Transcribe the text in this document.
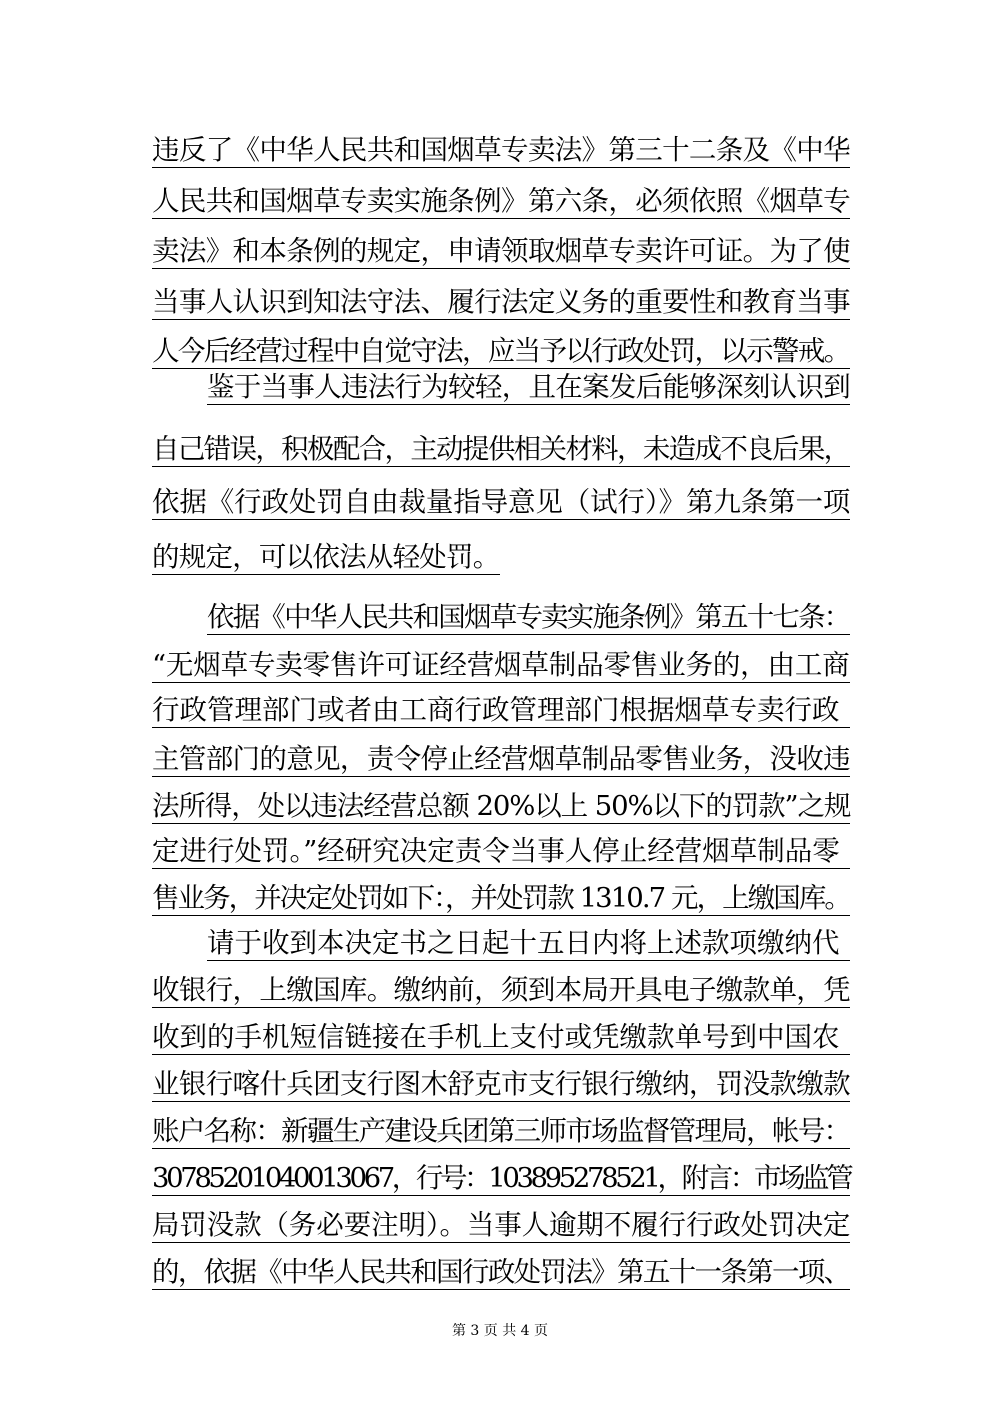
违反了《中华人民共和国烟草专卖法》第三十二条及《中华
人民共和国烟草专卖实施条例》第六条，必须依照《烟草专
卖法》和本条例的规定，申请领取烟草专卖许可证。为了使
当事人认识到知法守法、履行法定义务的重要性和教育当事
人今后经营过程中自觉守法，应当予以行政处罚，以示警戒。
鉴于当事人违法行为较轻，且在案发后能够深刻认识到
自己错误，积极配合，主动提供相关材料，未造成不良后果，
依据《行政处罚自由裁量指导意见（试行）》第九条第一项
的规定，可以依法从轻处罚。
依据《中华人民共和国烟草专卖实施条例》第五十七条：
“无烟草专卖零售许可证经营烟草制品零售业务的，由工商
行政管理部门或者由工商行政管理部门根据烟草专卖行政
主管部门的意见，责令停止经营烟草制品零售业务，没收违
法所得，处以违法经营总额 20%以上 50%以下的罚款”之规
定进行处罚。”经研究决定责令当事人停止经营烟草制品零
售业务，并决定处罚如下：，并处罚款 1310.7 元，上缴国库。
请于收到本决定书之日起十五日内将上述款项缴纳代
收银行，上缴国库。缴纳前，须到本局开具电子缴款单，凭
收到的手机短信链接在手机上支付或凭缴款单号到中国农
业银行喀什兵团支行图木舒克市支行银行缴纳，罚没款缴款
账户名称：新疆生产建设兵团第三师市场监督管理局，帐号：
30785201040013067，行号：103895278521，附言：市场监管
局罚没款（务必要注明）。当事人逾期不履行行政处罚决定
的，依据《中华人民共和国行政处罚法》第五十一条第一项、
第 3 页 共 4 页
